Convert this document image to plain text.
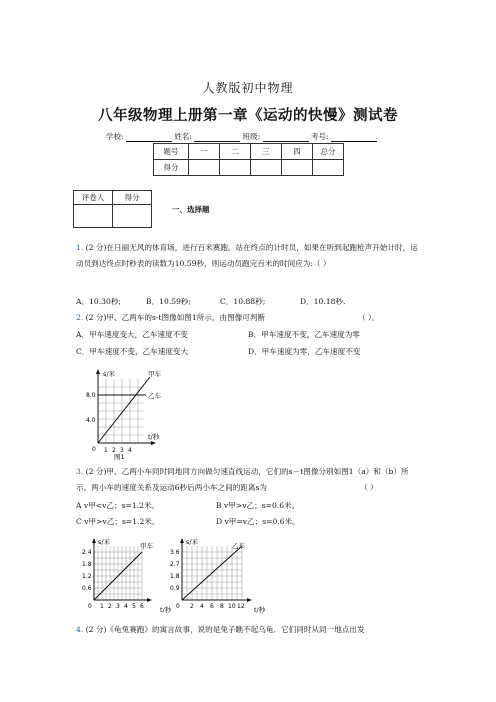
人教版初中物理
八年级物理上册第一章《运动的快慢》测试卷
学校:	姓名:	班级:	考号:
题号	一	二	三	四	总分
得分					
评卷人	得分

一、选择题
1. (2 分)在日丽无风的体育场，进行百米赛跑。站在终点的计时员，如果在听到起跑枪声开始计时，运动员到达终点时秒表的读数为10.59秒，则运动员跑完百米的时间应为:（ ）
A．10.30秒;	B．10.59秒;	C．10.88秒;	D．10.18秒.
2. (2 分)甲、乙两车的s-t图像如图1所示，由图像可判断	（ ）。
A．甲车速度变大，乙车速度不变	B．甲车速度不变，乙车速度为零
C．甲车速度不变，乙车速度变大	D．甲车速度为零，乙车速度不变
s/米
t/秒
8.0
4.0
0 1 2 3 4
甲车
乙车
图1
3. (2 分)甲、乙两小车同时同地同方向做匀速直线运动，它们的s－t图像分别如图1（a）和（b）所示。两小车的速度关系及运动6秒后两小车之间的距离s为	（ ）
A v甲<v乙；s=1.2米。	B v甲>v乙；s=0.6米。
C v甲>v乙；s=1.2米。	D v甲=v乙；s=0.6米。
s/米
t/秒
2.4
1.8
1.2
0.6
0 1 2 3 4 5 6
甲车	s/米
t/秒
3.6
2.7
1.8
0.9
0 2 4 6 8 10 12
乙车
4. (2 分)《龟兔赛跑》的寓言故事，说的是兔子瞧不起乌龟．它们同时从同一地点出发
